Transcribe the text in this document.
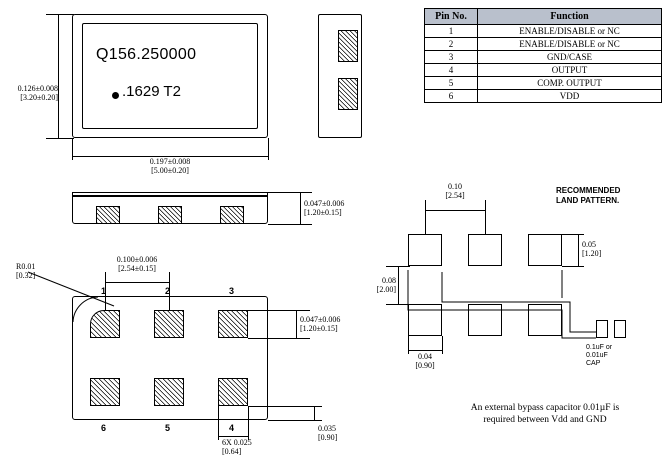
Q156.250000
.1629 T2
0.197±0.008
[5.00±0.20]
0.126±0.008
[3.20±0.20]
0.047±0.006
[1.20±0.15]
R0.01
[0.32]
1	2	3
6	5	4
0.100±0.006
[2.54±0.15]
0.047±0.006
[1.20±0.15]
0.035
[0.90]
6X 0.025
[0.64]
Pin No.	Function
1	ENABLE/DISABLE or NC
2	ENABLE/DISABLE or NC
3	GND/CASE
4	OUTPUT
5	COMP. OUTPUT
6	VDD
RECOMMENDED
LAND PATTERN.
0.1uF or
0.01uF
CAP
0.10
[2.54]
0.05
[1.20]
0.08
[2.00]
0.04
[0.90]
An external bypass capacitor 0.01µF is
required between Vdd and GND
